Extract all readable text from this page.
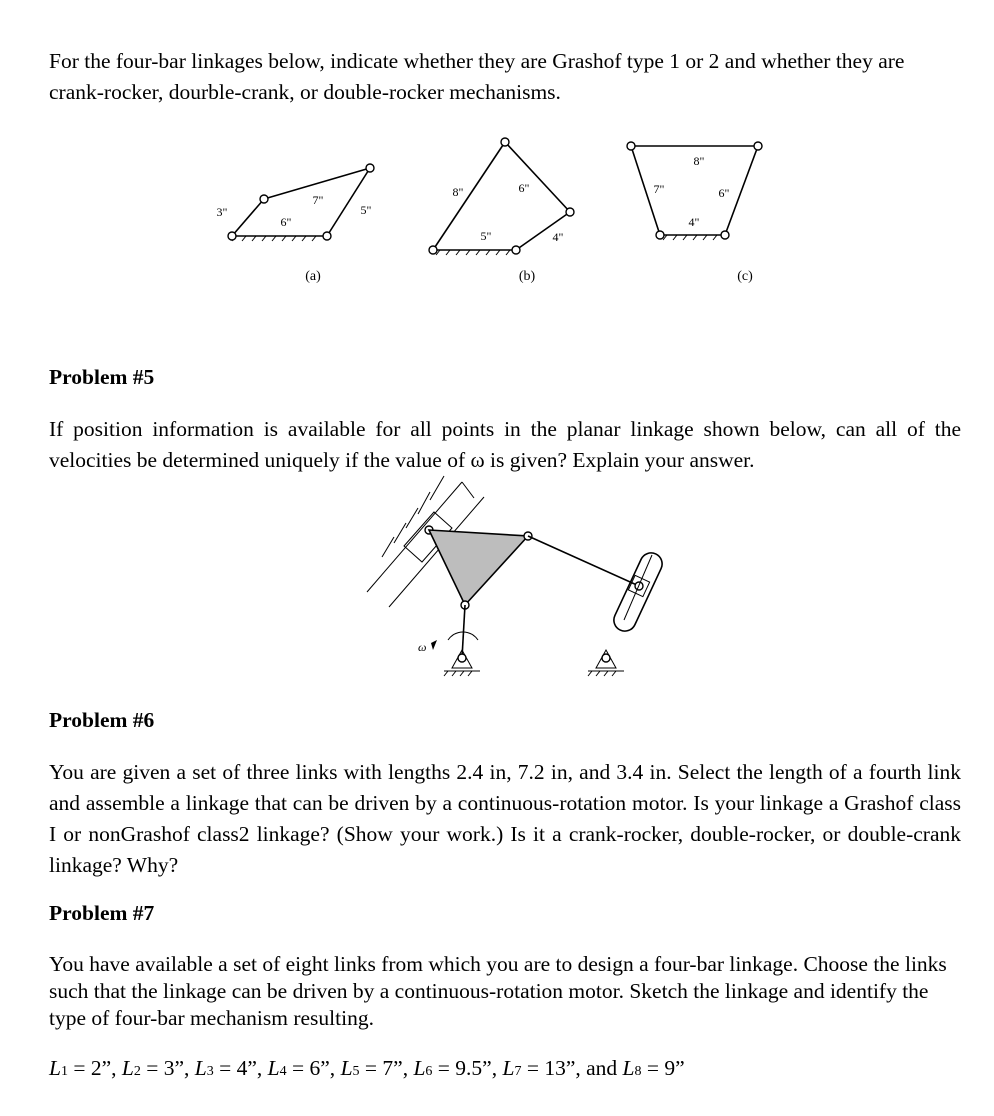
For the four-bar linkages below, indicate whether they are Grashof type 1 or 2 and whether they are crank-rocker, dourble-crank, or double-rocker mechanisms.

3"
6"
7"
5"
(a)
8"	6"
5"	4"
(b)
8"
7"	6"
4"
(c)

Problem #5

If position information is available for all points in the planar linkage shown below, can all of the velocities be determined uniquely if the value of ω is given? Explain your answer.

ω

Problem #6

You are given a set of three links with lengths 2.4 in, 7.2 in, and 3.4 in. Select the length of a fourth link and assemble a linkage that can be driven by a continuous-rotation motor. Is your linkage a Grashof class I or nonGrashof class2 linkage? (Show your work.) Is it a crank-rocker, double-rocker, or double-crank linkage? Why?

Problem #7

You have available a set of eight links from which you are to design a four-bar linkage. Choose the links such that the linkage can be driven by a continuous-rotation motor. Sketch the linkage and identify the type of four-bar mechanism resulting.

L1 = 2”, L2 = 3”, L3 = 4”, L4 = 6”, L5 = 7”, L6 = 9.5”, L7 = 13”, and L8 = 9”
